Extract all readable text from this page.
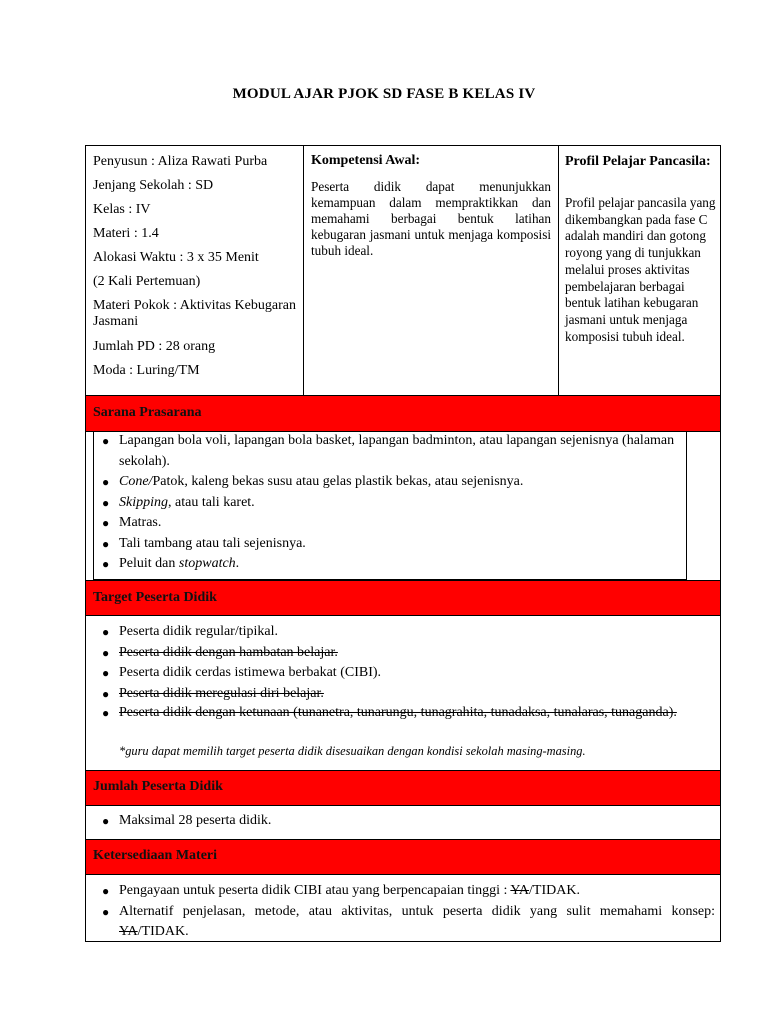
MODUL AJAR PJOK SD FASE B KELAS IV
Penyusun : Aliza Rawati Purba
Jenjang Sekolah : SD
Kelas : IV
Materi : 1.4
Alokasi Waktu : 3 x 35 Menit
(2 Kali Pertemuan)
Materi Pokok : Aktivitas Kebugaran Jasmani
Jumlah PD : 28 orang
Moda : Luring/TM
Kompetensi Awal:
Peserta didik dapat menunjukkan kemampuan dalam mempraktikkan dan memahami berbagai bentuk latihan kebugaran jasmani untuk menjaga komposisi tubuh ideal.
Profil Pelajar Pancasila:
Profil pelajar pancasila yang dikembangkan pada fase C adalah mandiri dan gotong royong yang di tunjukkan melalui proses aktivitas pembelajaran berbagai bentuk latihan kebugaran jasmani untuk menjaga komposisi tubuh ideal.
Sarana Prasarana
● Lapangan bola voli, lapangan bola basket, lapangan badminton, atau lapangan sejenisnya (halaman sekolah).
● Cone/Patok, kaleng bekas susu atau gelas plastik bekas, atau sejenisnya.
● Skipping, atau tali karet.
● Matras.
● Tali tambang atau tali sejenisnya.
● Peluit dan stopwatch.
Target Peserta Didik
● Peserta didik regular/tipikal.
● Peserta didik dengan hambatan belajar.
● Peserta didik cerdas istimewa berbakat (CIBI).
● Peserta didik meregulasi diri belajar.
● Peserta didik dengan ketunaan (tunanetra, tunarungu, tunagrahita, tunadaksa, tunalaras, tunaganda).
*guru dapat memilih target peserta didik disesuaikan dengan kondisi sekolah masing-masing.
Jumlah Peserta Didik
● Maksimal 28 peserta didik.
Ketersediaan Materi
● Pengayaan untuk peserta didik CIBI atau yang berpencapaian tinggi : YA/TIDAK.
● Alternatif penjelasan, metode, atau aktivitas, untuk peserta didik yang sulit memahami konsep: YA/TIDAK.
